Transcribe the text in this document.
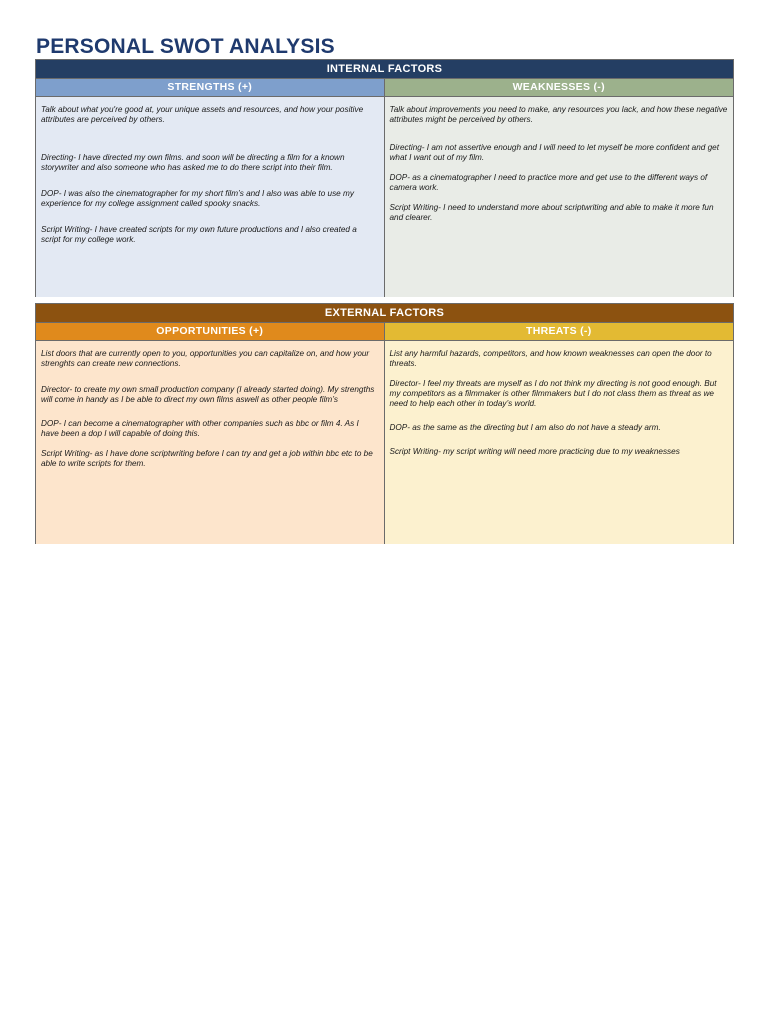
PERSONAL SWOT ANALYSIS
INTERNAL FACTORS
STRENGTHS (+)

Talk about what you're good at, your unique assets and resources, and how your positive attributes are perceived by others.

Directing- I have directed my own films. and soon will be directing a film for a known storywriter and also someone who has asked me to do there script into their film.

DOP- I was also the cinematographer for my short film’s and I also was able to use my experience for my college assignment called spooky snacks.

Script Writing- I have created scripts for my own future productions and I also created a script for my college work.

WEAKNESSES (-)

Talk about improvements you need to make, any resources you lack, and how these negative attributes might be perceived by others.

Directing- I am not assertive enough and I will need to let myself be more confident and get what I want out of my film.

DOP- as a cinematographer I need to practice more and get use to the different ways of camera work.

Script Writing- I need to understand more about scriptwriting and able to make it more fun and clearer.

EXTERNAL FACTORS
OPPORTUNITIES (+)

List doors that are currently open to you, opportunities you can capitalize on, and how your strenghts can create new connections.

Director- to create my own small production company (I already started doing). My strengths will come in handy as I be able to direct my own films aswell as other people film’s

DOP- I can become a cinematographer with other companies such as bbc or film 4. As I have been a dop I will capable of doing this.

Script Writing- as I have done scriptwriting before I can try and get a job within bbc etc to be able to write scripts for them.

THREATS (-)

List any harmful hazards, competitors, and how known weaknesses can open the door to threats.

Director- I feel my threats are myself as I do not think my directing is not good enough. But my competitors as a filmmaker is other filmmakers but I do not class them as threat as we need to help each other in today’s world.

DOP- as the same as the directing but I am also do not have a steady arm.

Script Writing- my script writing will need more practicing due to my weaknesses
